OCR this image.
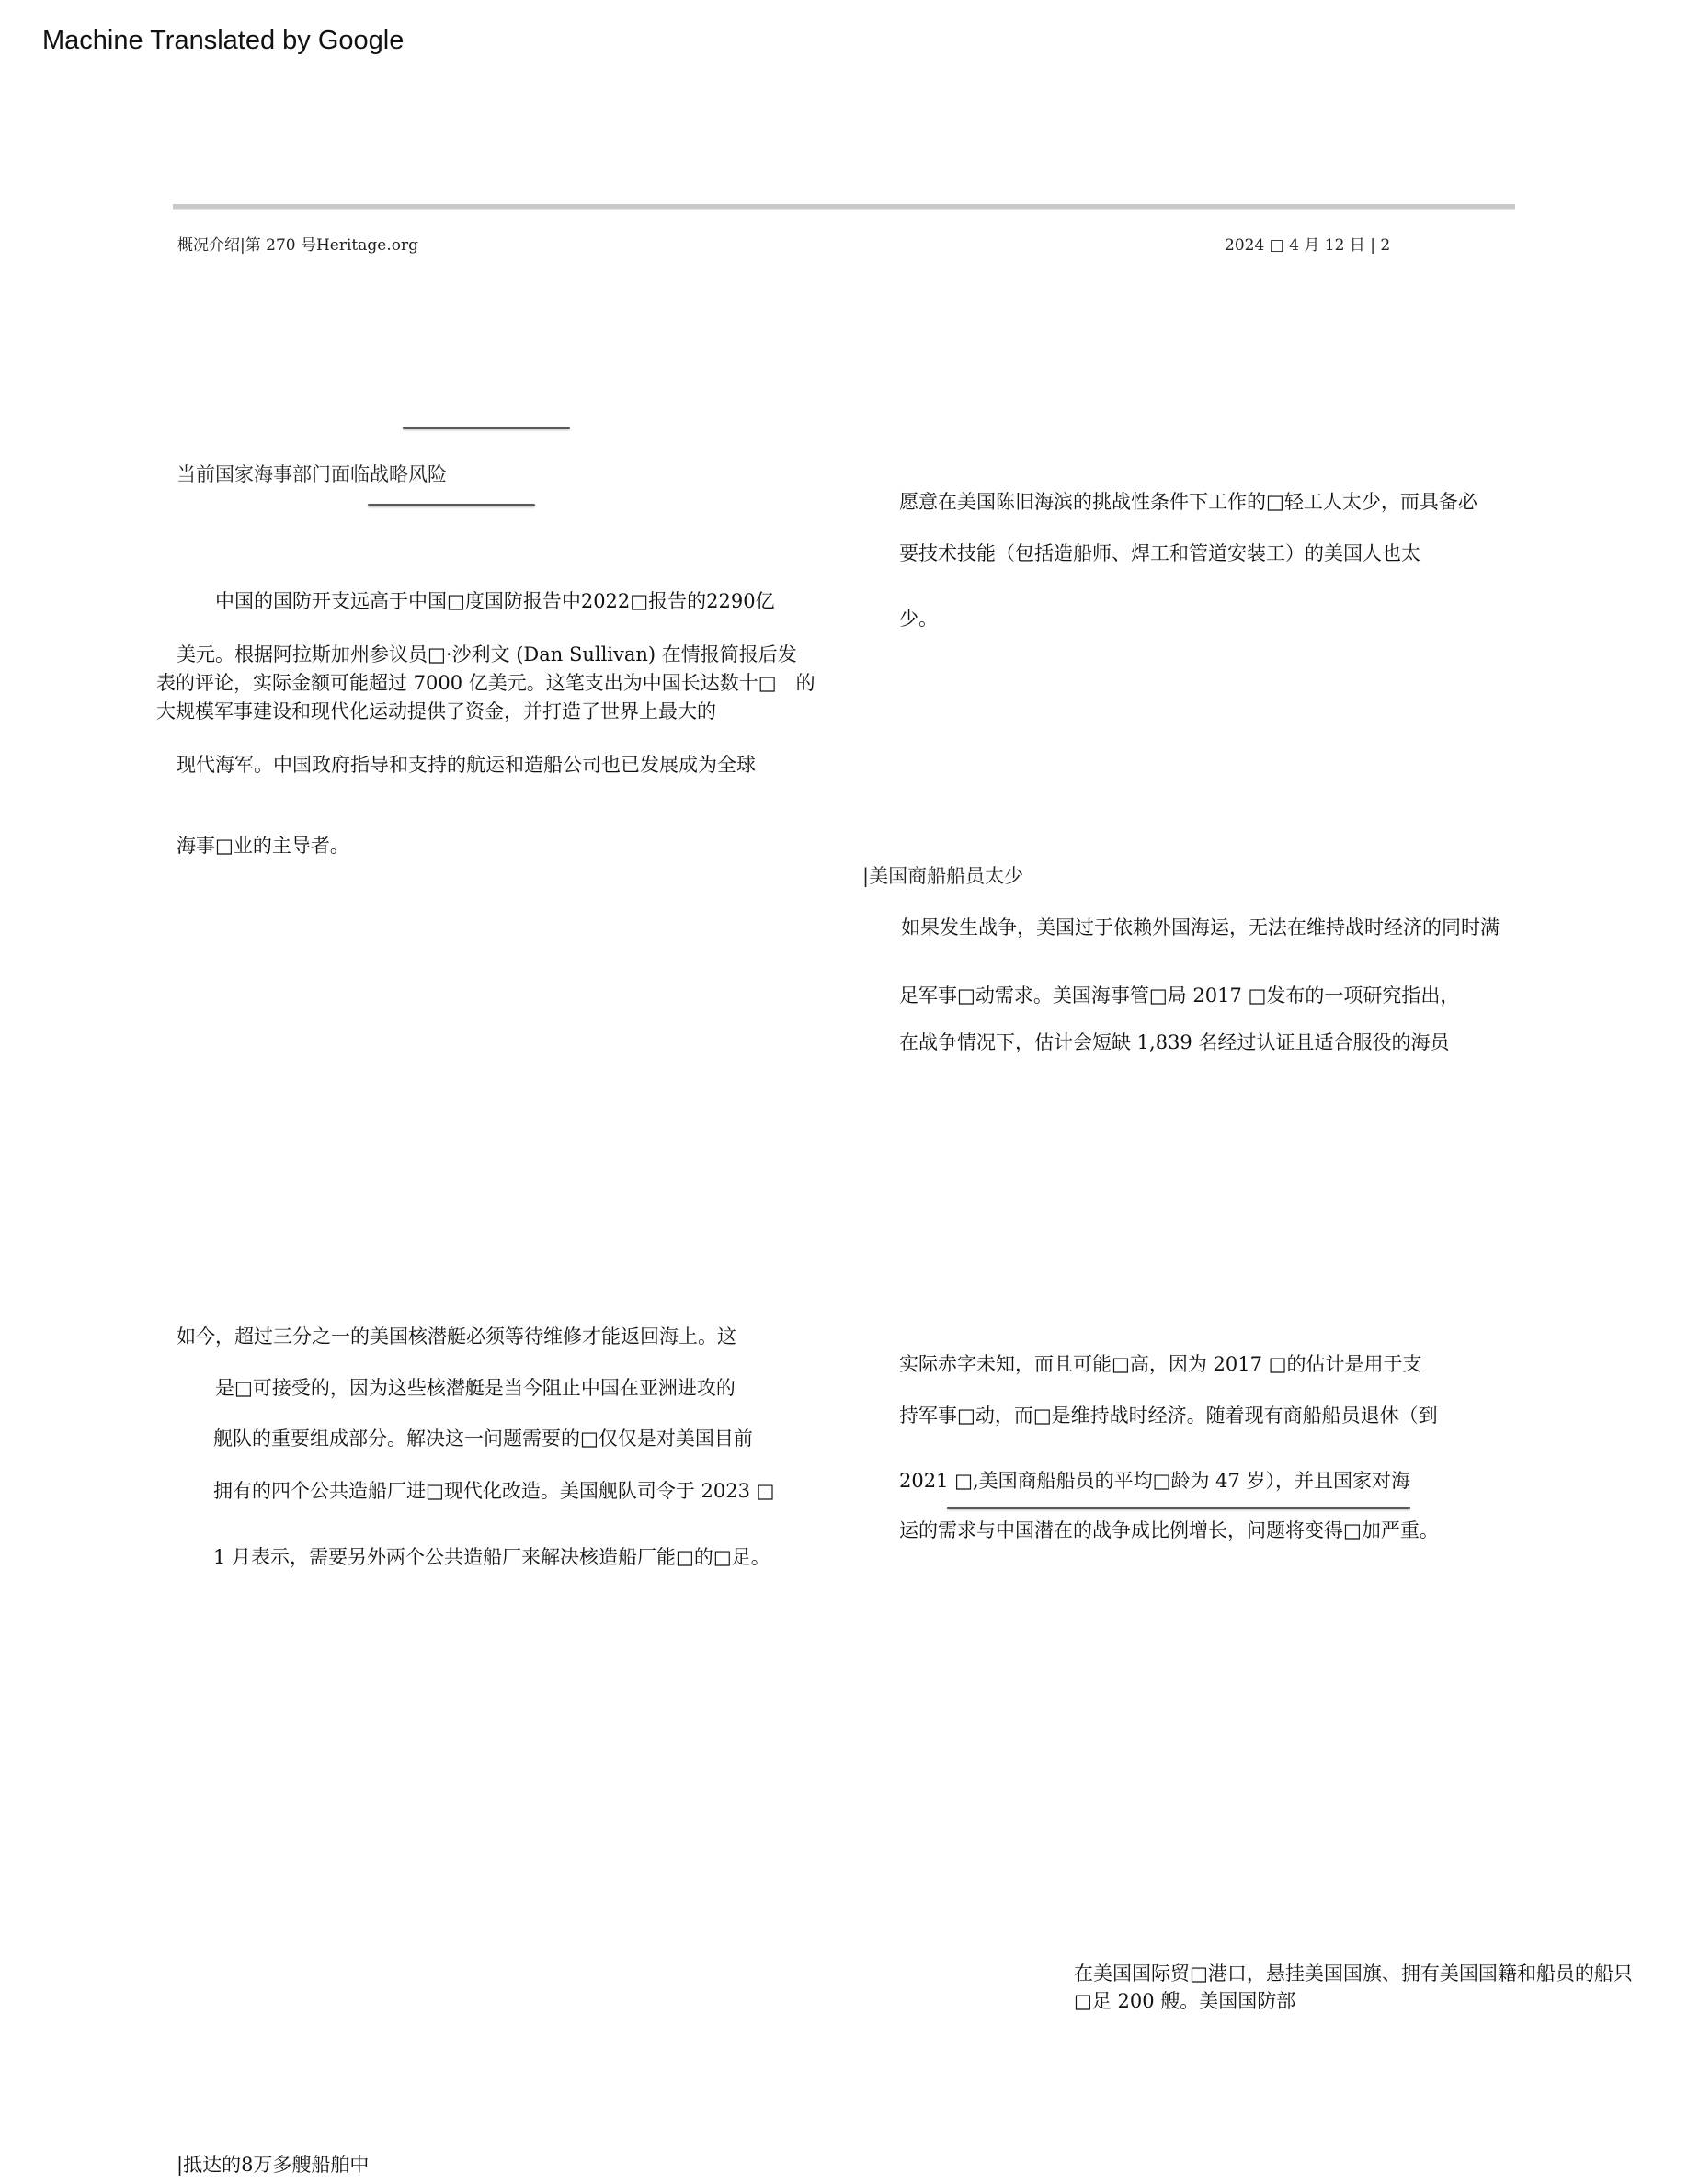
Machine Translated by Google
概况介绍|第 270 号Heritage.org	2024 □ 4 月 12 日 | 2
当前国家海事部门面临战略风险
中国的国防开支远高于中国□度国防报告中2022□报告的2290亿
美元。根据阿拉斯加州参议员□·沙利文 (Dan Sullivan) 在情报简报后发
表的评论，实际金额可能超过 7000 亿美元。这笔支出为中国长达数十□　的
大规模军事建设和现代化运动提供了资金，并打造了世界上最大的
现代海军。中国政府指导和支持的航运和造船公司也已发展成为全球
海事□业的主导者。
如今，超过三分之一的美国核潜艇必须等待维修才能返回海上。这
是□可接受的，因为这些核潜艇是当今阻止中国在亚洲进攻的
舰队的重要组成部分。解决这一问题需要的□仅仅是对美国目前
拥有的四个公共造船厂进□现代化改造。美国舰队司令于 2023 □
1 月表示，需要另外两个公共造船厂来解决核造船厂能□的□足。
|抵达的8万多艘船舶中
愿意在美国陈旧海滨的挑战性条件下工作的□轻工人太少，而具备必
要技术技能（包括造船师、焊工和管道安装工）的美国人也太
少。
|美国商船船员太少
如果发生战争，美国过于依赖外国海运，无法在维持战时经济的同时满
足军事□动需求。美国海事管□局 2017 □发布的一项研究指出，
在战争情况下，估计会短缺 1,839 名经过认证且适合服役的海员
实际赤字未知，而且可能□高，因为 2017 □的估计是用于支
持军事□动，而□是维持战时经济。随着现有商船船员退休（到
2021 □,美国商船船员的平均□龄为 47 岁），并且国家对海
运的需求与中国潜在的战争成比例增长，问题将变得□加严重。
在美国国际贸□港口，悬挂美国国旗、拥有美国国籍和船员的船只
□足 200 艘。美国国防部
